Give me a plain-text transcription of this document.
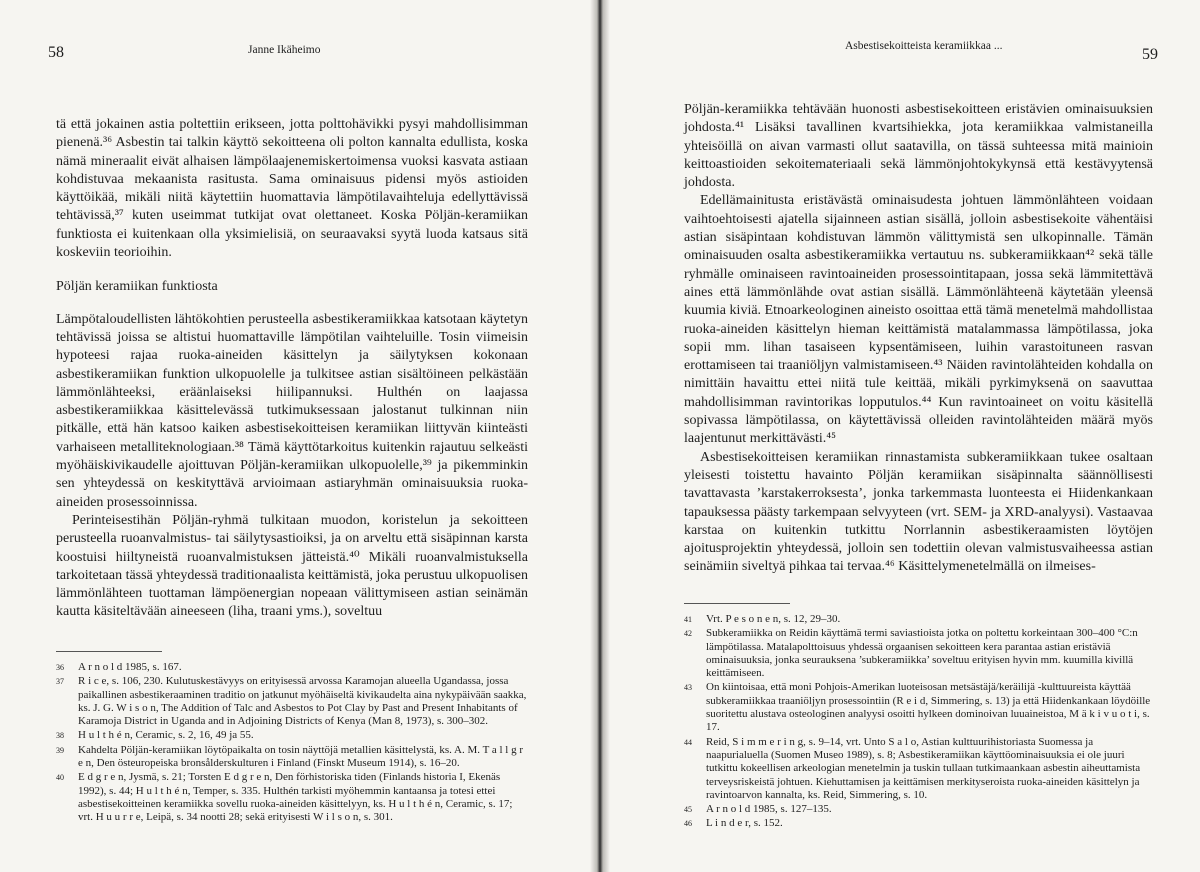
58	Janne Ikäheimo

tä että jokainen astia poltettiin erikseen, jotta polttohävikki pysyi mahdollisimman pienenä.³⁶ Asbestin tai talkin käyttö sekoitteena oli polton kannalta edullista, koska nämä mineraalit eivät alhaisen lämpölaajenemiskertoimensa vuoksi kasvata astiaan kohdistuvaa mekaanista rasitusta. Sama ominaisuus pidensi myös astioiden käyttöikää, mikäli niitä käytettiin huomattavia lämpötilavaihteluja edellyttävissä tehtävissä,³⁷ kuten useimmat tutkijat ovat olettaneet. Koska Pöljän-keramiikan funktiosta ei kuitenkaan olla yksimielisiä, on seuraavaksi syytä luoda katsaus sitä koskeviin teorioihin.

Pöljän keramiikan funktiosta

Lämpötaloudellisten lähtökohtien perusteella asbestikeramiikkaa katsotaan käytetyn tehtävissä joissa se altistui huomattaville lämpötilan vaihteluille. Tosin viimeisin hypoteesi rajaa ruoka-aineiden käsittelyn ja säilytyksen kokonaan asbestikeramiikan funktion ulkopuolelle ja tulkitsee astian sisältöineen pelkästään lämmönlähteeksi, eräänlaiseksi hiilipannuksi. Hulthén on laajassa asbestikeramiikkaa käsittelevässä tutkimuksessaan jalostanut tulkinnan niin pitkälle, että hän katsoo kaiken asbestisekoitteisen keramiikan liittyvän kiinteästi varhaiseen metalliteknologiaan.³⁸ Tämä käyttötarkoitus kuitenkin rajautuu selkeästi myöhäiskivikaudelle ajoittuvan Pöljän-keramiikan ulkopuolelle,³⁹ ja pikemminkin sen yhteydessä on keskityttävä arvioimaan astiaryhmän ominaisuuksia ruoka-aineiden prosessoinnissa.

Perinteisestihän Pöljän-ryhmä tulkitaan muodon, koristelun ja sekoitteen perusteella ruoanvalmistus- tai säilytysastioiksi, ja on arveltu että sisäpinnan karsta koostuisi hiiltyneistä ruoanvalmistuksen jätteistä.⁴⁰ Mikäli ruoanvalmistuksella tarkoitetaan tässä yhteydessä traditionaalista keittämistä, joka perustuu ulkopuolisen lämmönlähteen tuottaman lämpöenergian nopeaan välittymiseen astian seinämän kautta käsiteltävään aineeseen (liha, traani yms.), soveltuu

36	A r n o l d 1985, s. 167.
37	R i c e, s. 106, 230. Kulutuskestävyys on erityisessä arvossa Karamojan alueella Ugandassa, jossa paikallinen asbestikeraaminen traditio on jatkunut myöhäiseltä kivikaudelta aina nykypäivään saakka, ks. J. G. W i s o n, The Addition of Talc and Asbestos to Pot Clay by Past and Present Inhabitants of Karamoja District in Uganda and in Adjoining Districts of Kenya (Man 8, 1973), s. 300–302.
38	H u l t h é n, Ceramic, s. 2, 16, 49 ja 55.
39	Kahdelta Pöljän-keramiikan löytöpaikalta on tosin näyttöjä metallien käsittelystä, ks. A. M. T a l l g r e n, Den östeuropeiska bronsålderskulturen i Finland (Finskt Museum 1914), s. 16–20.
40	E d g r e n, Jysmä, s. 21; Torsten E d g r e n, Den förhistoriska tiden (Finlands historia I, Ekenäs 1992), s. 44; H u l t h é n, Temper, s. 335. Hulthén tarkisti myöhemmin kantaansa ja totesi ettei asbestisekoitteinen keramiikka sovellu ruoka-aineiden käsittelyyn, ks. H u l t h é n, Ceramic, s. 17; vrt. H u u r r e, Leipä, s. 34 nootti 28; sekä erityisesti W i l s o n, s. 301.
Asbestisekoitteista keramiikkaa ...	59

Pöljän-keramiikka tehtävään huonosti asbestisekoitteen eristävien ominaisuuksien johdosta.⁴¹ Lisäksi tavallinen kvartsihiekka, jota keramiikkaa valmistaneilla yhteisöillä on aivan varmasti ollut saatavilla, on tässä suhteessa mitä mainioin keittoastioiden sekoitemateriaali sekä lämmönjohtokykynsä että kestävyytensä johdosta.

Edellämainitusta eristävästä ominaisudesta johtuen lämmönlähteen voidaan vaihtoehtoisesti ajatella sijainneen astian sisällä, jolloin asbestisekoite vähentäisi astian sisäpintaan kohdistuvan lämmön välittymistä sen ulkopinnalle. Tämän ominaisuuden osalta asbestikeramiikka vertautuu ns. subkeramiikkaan⁴² sekä tälle ryhmälle ominaiseen ravintoaineiden prosessointitapaan, jossa sekä lämmitettävä aines että lämmönlähde ovat astian sisällä. Lämmönlähteenä käytetään yleensä kuumia kiviä. Etnoarkeologinen aineisto osoittaa että tämä menetelmä mahdollistaa ruoka-aineiden käsittelyn hieman keittämistä matalammassa lämpötilassa, joka sopii mm. lihan tasaiseen kypsentämiseen, luihin varastoituneen rasvan erottamiseen tai traaniöljyn valmistamiseen.⁴³ Näiden ravintolähteiden kohdalla on nimittäin havaittu ettei niitä tule keittää, mikäli pyrkimyksenä on saavuttaa mahdollisimman ravintorikas lopputulos.⁴⁴ Kun ravintoaineet on voitu käsitellä sopivassa lämpötilassa, on käytettävissä olleiden ravintolähteiden määrä myös laajentunut merkittävästi.⁴⁵

Asbestisekoitteisen keramiikan rinnastamista subkeramiikkaan tukee osaltaan yleisesti toistettu havainto Pöljän keramiikan sisäpinnalta säännöllisesti tavattavasta ’karstakerroksesta’, jonka tarkemmasta luonteesta ei Hiidenkankaan tapauksessa päästy tarkempaan selvyyteen (vrt. SEM- ja XRD-analyysi). Vastaavaa karstaa on kuitenkin tutkittu Norrlannin asbestikeraamisten löytöjen ajoitusprojektin yhteydessä, jolloin sen todettiin olevan valmistusvaiheessa astian seinämiin siveltyä pihkaa tai tervaa.⁴⁶ Käsittelymenetelmällä on ilmeises-

41	Vrt. P e s o n e n, s. 12, 29–30.
42	Subkeramiikka on Reidin käyttämä termi saviastioista jotka on poltettu korkeintaan 300–400 °C:n lämpötilassa. Matalapolttoisuus yhdessä orgaanisen sekoitteen kera parantaa astian eristäviä ominaisuuksia, jonka seurauksena ’subkeramiikka’ soveltuu erityisen hyvin mm. kuumilla kivillä keittämiseen.
43	On kiintoisaa, että moni Pohjois-Amerikan luoteisosan metsästäjä/keräilijä -kulttuureista käyttää subkeramiikkaa traaniöljyn prosessointiin (R e i d, Simmering, s. 13) ja että Hiidenkankaan löydöille suoritettu alustava osteologinen analyysi osoitti hylkeen dominoivan luuaineistoa, M ä k i v u o t i, s. 17.
44	Reid, S i m m e r i n g, s. 9–14, vrt. Unto S a l o, Astian kulttuurihistoriasta Suomessa ja naapurialuella (Suomen Museo 1989), s. 8; Asbestikeramiikan käyttöominaisuuksia ei ole juuri tutkittu kokeellisen arkeologian menetelmin ja tuskin tullaan tutkimaankaan asbestin aiheuttamista terveysriskeistä johtuen. Kiehuttamisen ja keittämisen merkityseroista ruoka-aineiden käsittelyn ja ravintoarvon kannalta, ks. Reid, Simmering, s. 10.
45	A r n o l d 1985, s. 127–135.
46	L i n d e r, s. 152.
